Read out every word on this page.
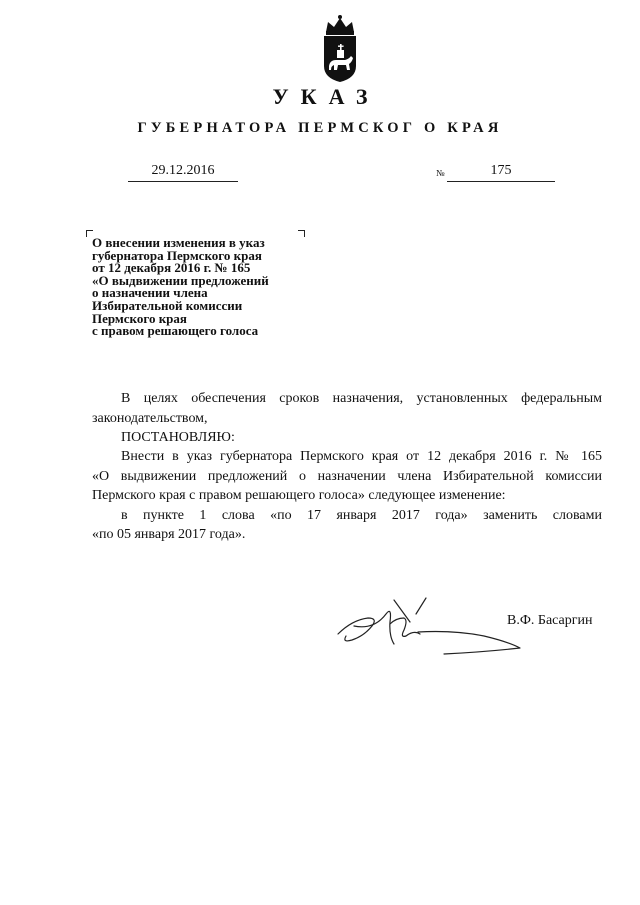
УКАЗ
ГУБЕРНАТОРА ПЕРМСКОГ О КРАЯ
29.12.2016	№	175
О внесении изменения в указ
губернатора Пермского края
от 12 декабря 2016 г. № 165
«О выдвижении предложений
о назначении члена
Избирательной комиссии
Пермского края
с правом решающего голоса
В целях обеспечения сроков назначения, установленных федеральным
законодательством,
ПОСТАНОВЛЯЮ:
Внести в указ губернатора Пермского края от 12 декабря 2016 г. № 165
«О выдвижении предложений о назначении члена Избирательной комиссии
Пермского края с правом решающего голоса» следующее изменение:
в пункте 1 слова «по 17 января 2017 года» заменить словами
«по 05 января 2017 года».
В.Ф. Басаргин
